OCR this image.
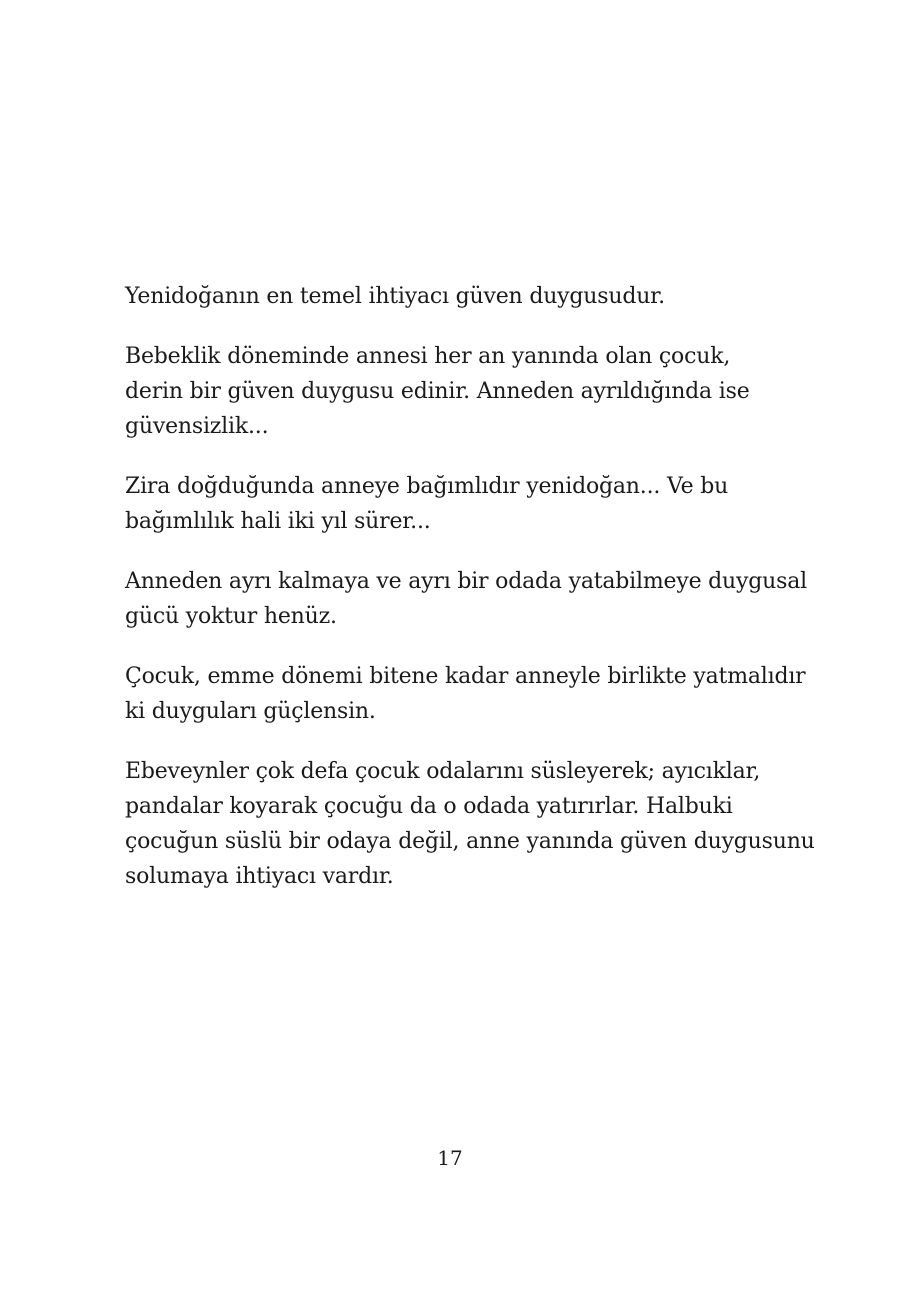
Yenidoğanın en temel ihtiyacı güven duygusudur.

Bebeklik döneminde annesi her an yanında olan çocuk,
derin bir güven duygusu edinir. Anneden ayrıldığında ise
güvensizlik...

Zira doğduğunda anneye bağımlıdır yenidoğan... Ve bu
bağımlılık hali iki yıl sürer...

Anneden ayrı kalmaya ve ayrı bir odada yatabilmeye duygusal
gücü yoktur henüz.

Çocuk, emme dönemi bitene kadar anneyle birlikte yatmalıdır
ki duyguları güçlensin.

Ebeveynler çok defa çocuk odalarını süsleyerek; ayıcıklar,
pandalar koyarak çocuğu da o odada yatırırlar. Halbuki
çocuğun süslü bir odaya değil, anne yanında güven duygusunu
solumaya ihtiyacı vardır.

17
